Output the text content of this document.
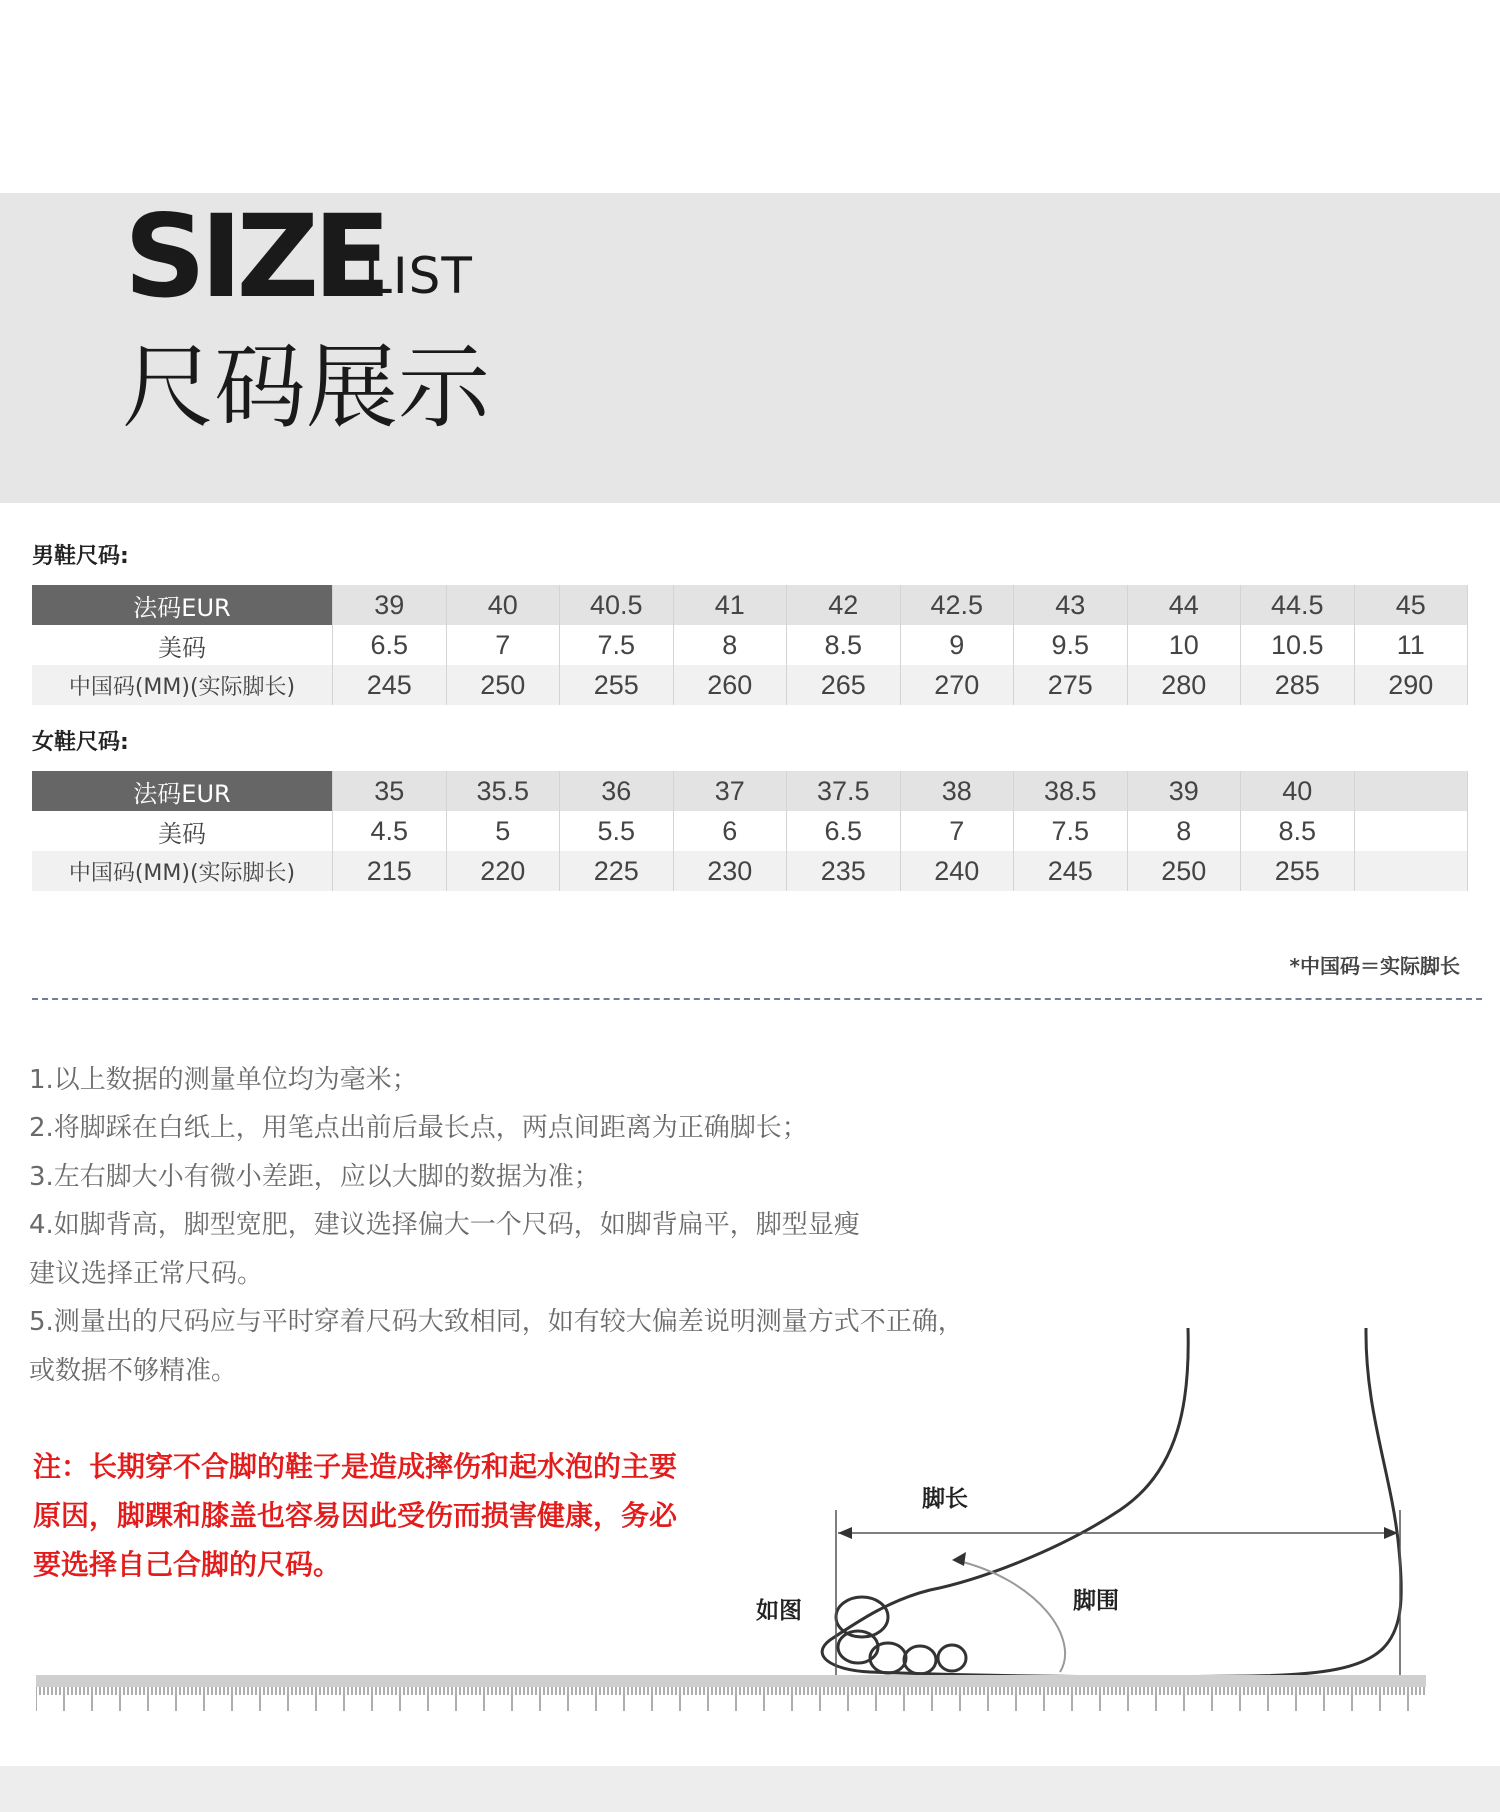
SIZE
LIST
尺码展示
男鞋尺码:
法码EUR	39	40	40.5	41	42	42.5	43	44	44.5	45
美码	6.5	7	7.5	8	8.5	9	9.5	10	10.5	11
中国码(MM)(实际脚长)	245	250	255	260	265	270	275	280	285	290
女鞋尺码:
法码EUR	35	35.5	36	37	37.5	38	38.5	39	40	
美码	4.5	5	5.5	6	6.5	7	7.5	8	8.5	
中国码(MM)(实际脚长)	215	220	225	230	235	240	245	250	255	
*中国码＝实际脚长
1.以上数据的测量单位均为毫米；
2.将脚踩在白纸上，用笔点出前后最长点，两点间距离为正确脚长；
3.左右脚大小有微小差距，应以大脚的数据为准；
4.如脚背高，脚型宽肥，建议选择偏大一个尺码，如脚背扁平，脚型显瘦
建议选择正常尺码。
5.测量出的尺码应与平时穿着尺码大致相同，如有较大偏差说明测量方式不正确，
或数据不够精准。
注：长期穿不合脚的鞋子是造成摔伤和起水泡的主要
原因，脚踝和膝盖也容易因此受伤而损害健康，务必
要选择自己合脚的尺码。
脚长
脚围
如图
